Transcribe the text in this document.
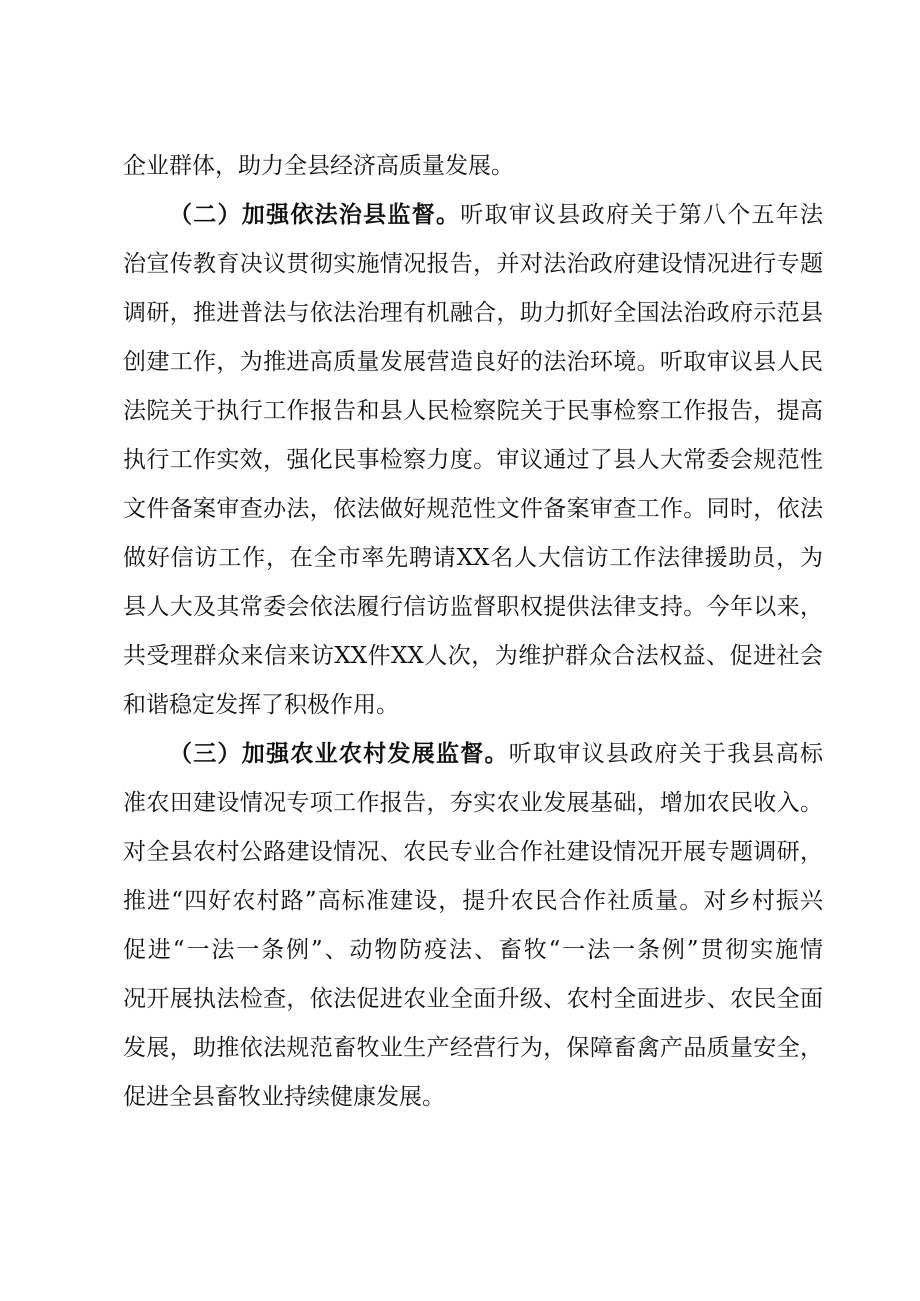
企业群体，助力全县经济高质量发展。
（二）加强依法治县监督。听取审议县政府关于第八个五年法
治宣传教育决议贯彻实施情况报告，并对法治政府建设情况进行专题
调研，推进普法与依法治理有机融合，助力抓好全国法治政府示范县
创建工作，为推进高质量发展营造良好的法治环境。听取审议县人民
法院关于执行工作报告和县人民检察院关于民事检察工作报告，提高
执行工作实效，强化民事检察力度。审议通过了县人大常委会规范性
文件备案审查办法，依法做好规范性文件备案审查工作。同时，依法
做好信访工作，在全市率先聘请XX名人大信访工作法律援助员，为
县人大及其常委会依法履行信访监督职权提供法律支持。今年以来，
共受理群众来信来访XX件XX人次，为维护群众合法权益、促进社会
和谐稳定发挥了积极作用。
（三）加强农业农村发展监督。听取审议县政府关于我县高标
准农田建设情况专项工作报告，夯实农业发展基础，增加农民收入。
对全县农村公路建设情况、农民专业合作社建设情况开展专题调研，
推进“四好农村路”高标准建设，提升农民合作社质量。对乡村振兴
促进“一法一条例”、动物防疫法、畜牧“一法一条例”贯彻实施情
况开展执法检查，依法促进农业全面升级、农村全面进步、农民全面
发展，助推依法规范畜牧业生产经营行为，保障畜禽产品质量安全，
促进全县畜牧业持续健康发展。
